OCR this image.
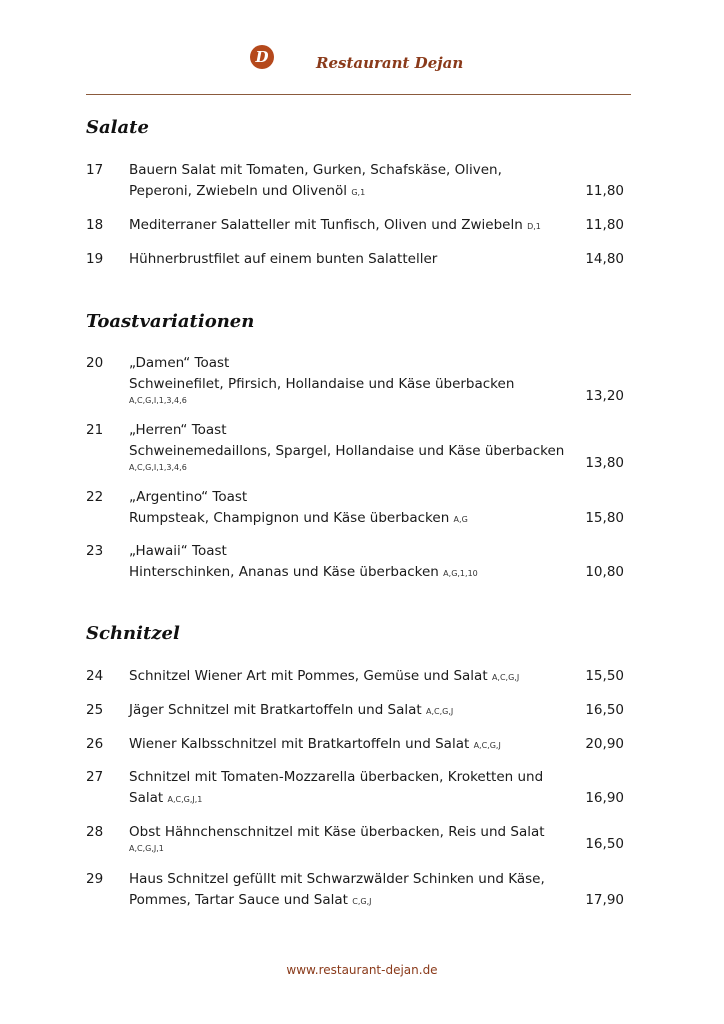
D	Restaurant Dejan
Salate
17 Bauern Salat mit Tomaten, Gurken, Schafskäse, Oliven,
Peperoni, Zwiebeln und Olivenöl G,1	11,80
18 Mediterraner Salatteller mit Tunfisch, Oliven und Zwiebeln D,1	11,80
19 Hühnerbrustfilet auf einem bunten Salatteller	14,80
Toastvariationen
20 „Damen“ Toast
Schweinefilet, Pfirsich, Hollandaise und Käse überbacken
A,C,G,I,1,3,4,6	13,20
21 „Herren“ Toast
Schweinemedaillons, Spargel, Hollandaise und Käse überbacken
A,C,G,I,1,3,4,6	13,80
22 „Argentino“ Toast
Rumpsteak, Champignon und Käse überbacken A,G	15,80
23 „Hawaii“ Toast
Hinterschinken, Ananas und Käse überbacken A,G,1,10	10,80
Schnitzel
24 Schnitzel Wiener Art mit Pommes, Gemüse und Salat A,C,G,J	15,50
25 Jäger Schnitzel mit Bratkartoffeln und Salat A,C,G,J	16,50
26 Wiener Kalbsschnitzel mit Bratkartoffeln und Salat A,C,G,J	20,90
27 Schnitzel mit Tomaten-Mozzarella überbacken, Kroketten und
Salat A,C,G,J,1	16,90
28 Obst Hähnchenschnitzel mit Käse überbacken, Reis und Salat
A,C,G,J,1	16,50
29 Haus Schnitzel gefüllt mit Schwarzwälder Schinken und Käse,
Pommes, Tartar Sauce und Salat C,G,J	17,90
www.restaurant-dejan.de
